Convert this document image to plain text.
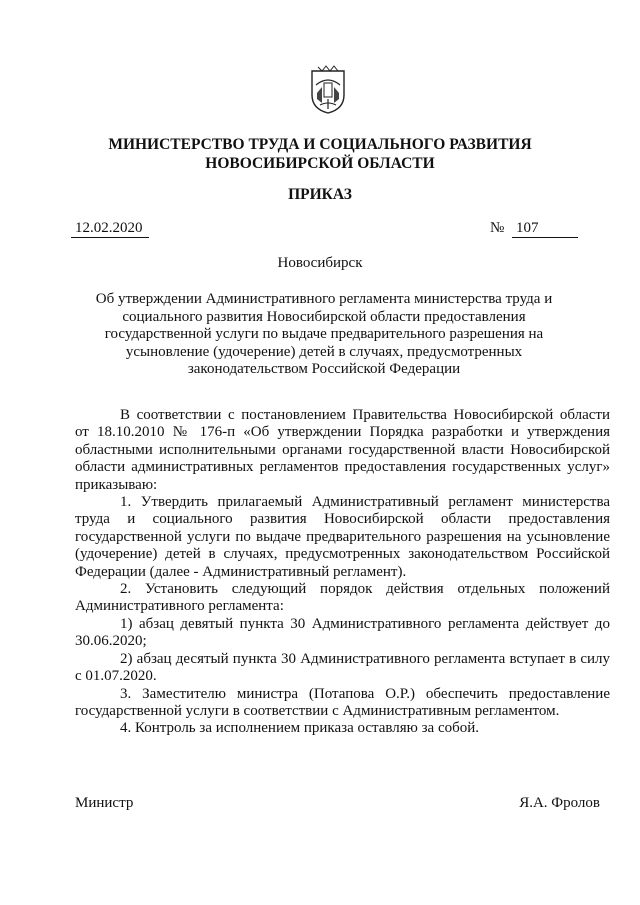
МИНИСТЕРСТВО ТРУДА И СОЦИАЛЬНОГО РАЗВИТИЯ
НОВОСИБИРСКОЙ ОБЛАСТИ
ПРИКАЗ
12.02.2020	№ 107
Новосибирск
Об утверждении Административного регламента министерства труда и социального развития Новосибирской области предоставления государственной услуги по выдаче предварительного разрешения на усыновление (удочерение) детей в случаях, предусмотренных законодательством Российской Федерации

В соответствии с постановлением Правительства Новосибирской области от 18.10.2010 № 176-п «Об утверждении Порядка разработки и утверждения областными исполнительными органами государственной власти Новосибирской области административных регламентов предоставления государственных услуг» приказываю:

1. Утвердить прилагаемый Административный регламент министерства труда и социального развития Новосибирской области предоставления государственной услуги по выдаче предварительного разрешения на усыновление (удочерение) детей в случаях, предусмотренных законодательством Российской Федерации (далее - Административный регламент).

2. Установить следующий порядок действия отдельных положений Административного регламента:

1) абзац девятый пункта 30 Административного регламента действует до 30.06.2020;

2) абзац десятый пункта 30 Административного регламента вступает в силу с 01.07.2020.

3. Заместителю министра (Потапова О.Р.) обеспечить предоставление государственной услуги в соответствии с Административным регламентом.

4. Контроль за исполнением приказа оставляю за собой.

Министр	Я.А. Фролов
